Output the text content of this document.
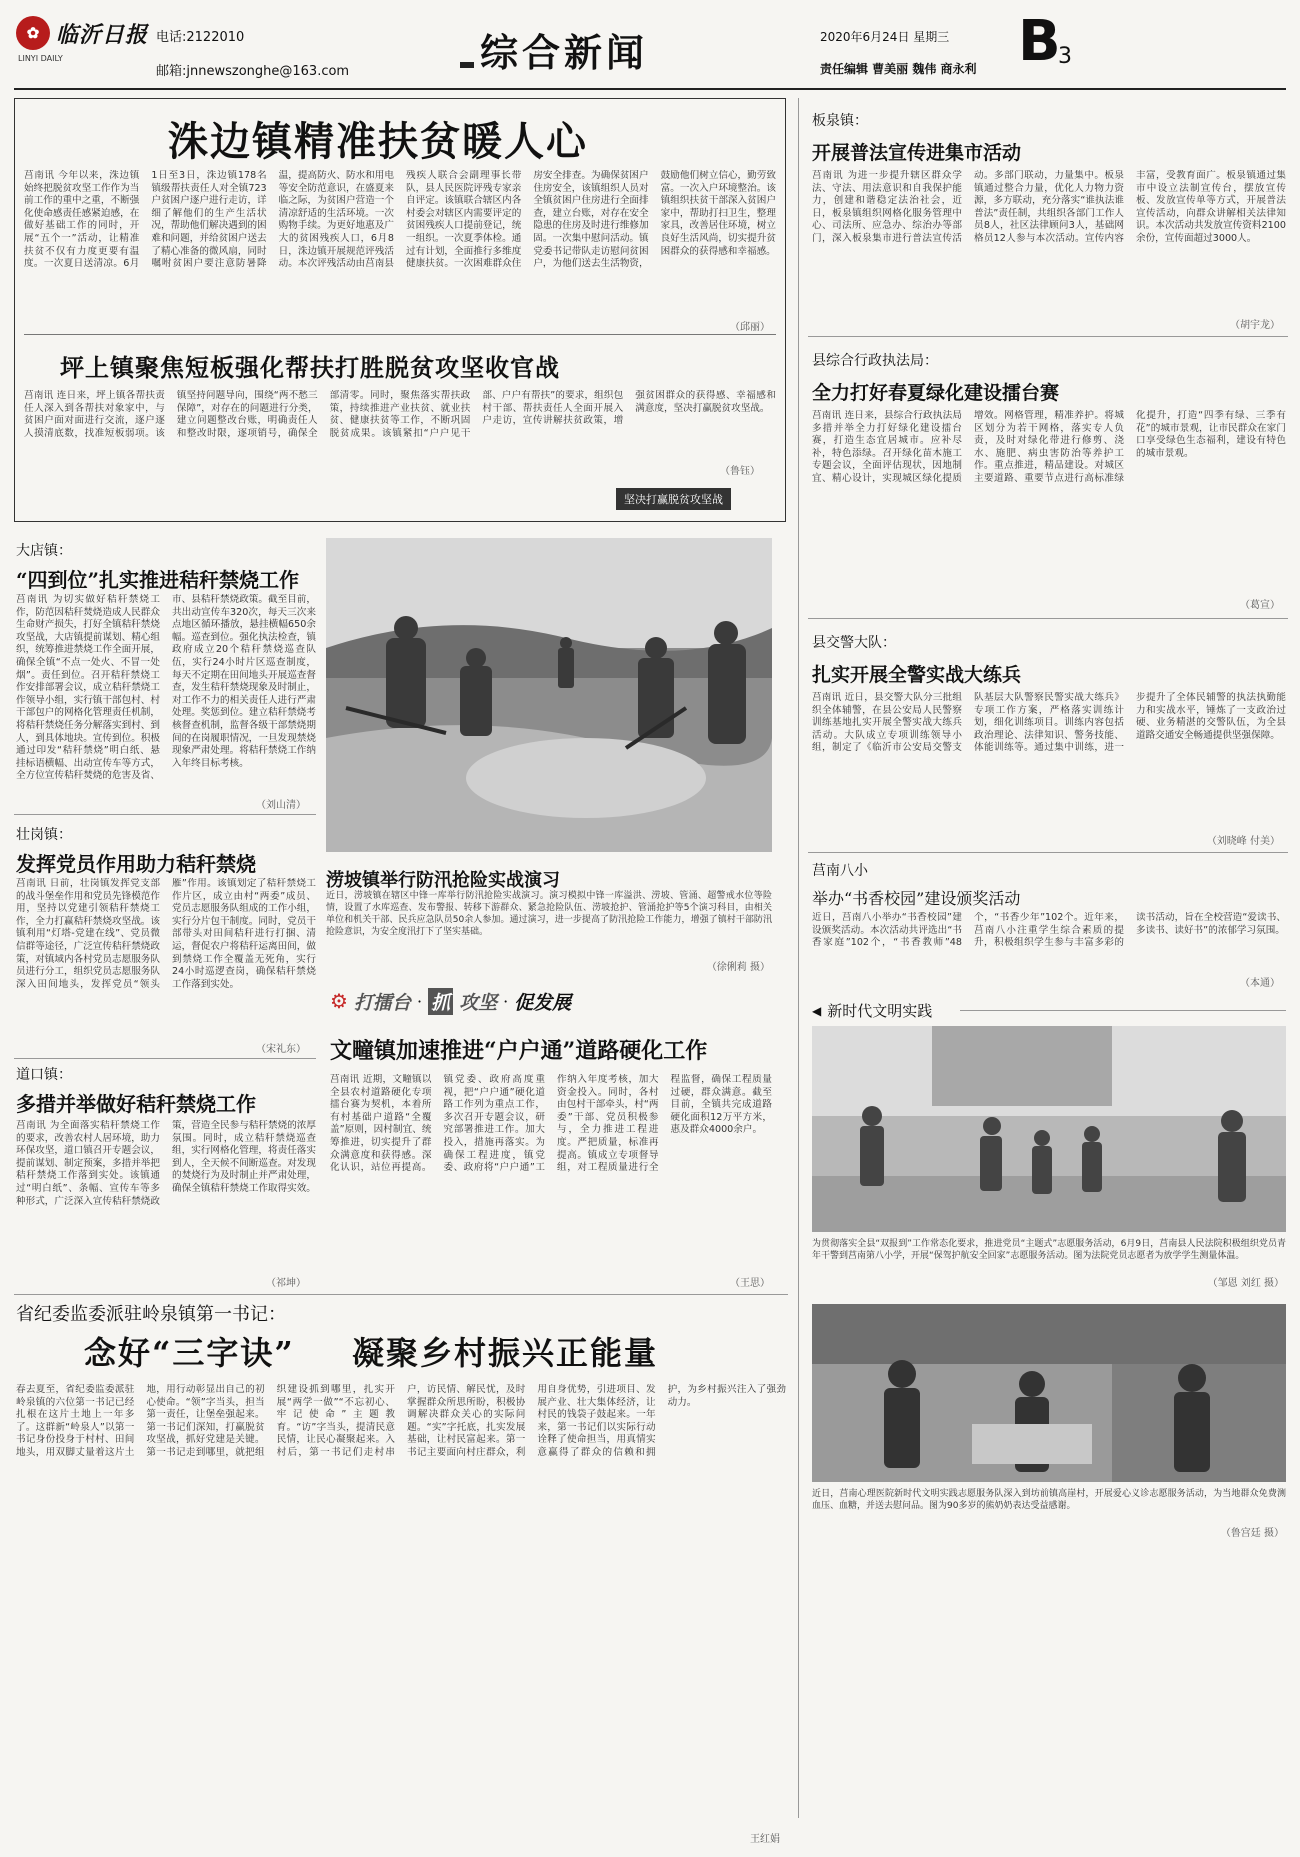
✿ 临沂日报
LINYI DAILY
电话:2122010
邮箱:jnnewszonghe@163.com	综合新闻	2020年6月24日 星期三
责任编辑 曹美丽 魏伟 商永利 B
3
洙边镇精准扶贫暖人心
莒南讯 今年以来，洙边镇始终把脱贫攻坚工作作为当前工作的重中之重，不断强化使命感责任感紧迫感，在做好基础工作的同时，开展“五个一”活动，让精准扶贫不仅有力度更要有温度。一次夏日送清凉。6月1日至3日，洙边镇178名镇级帮扶责任人对全镇723户贫困户逐户进行走访，详细了解他们的生产生活状况，帮助他们解决遇到的困难和问题，并给贫困户送去了精心准备的微风扇，同时嘱咐贫困户要注意防暑降温，提高防火、防水和用电等安全防范意识，在盛夏来临之际，为贫困户营造一个清凉舒适的生活环境。一次购物手续。为更好地惠及广大的贫困残疾人口，6月8日，洙边镇开展规范评残活动。本次评残活动由莒南县残疾人联合会副理事长带队，县人民医院评残专家亲自评定。该镇联合辖区内各村委会对辖区内需要评定的贫困残疾人口提前登记，统一组织。一次夏季体检。通过有计划，全面推行多维度健康扶贫。一次困难群众住房安全排查。为确保贫困户住房安全，该镇组织人员对全镇贫困户住房进行全面排查，建立台账，对存在安全隐患的住房及时进行维修加固。一次集中慰问活动。镇党委书记带队走访慰问贫困户，为他们送去生活物资，鼓励他们树立信心，勤劳致富。一次入户环境整治。该镇组织扶贫干部深入贫困户家中，帮助打扫卫生，整理家具，改善居住环境，树立良好生活风尚，切实提升贫困群众的获得感和幸福感。
（邱丽）
坪上镇聚焦短板强化帮扶打胜脱贫攻坚收官战
莒南讯 连日来，坪上镇各帮扶责任人深入到各帮扶对象家中，与贫困户面对面进行交流，逐户逐人摸清底数，找准短板弱项。该镇坚持问题导向，围绕“两不愁三保障”，对存在的问题进行分类，建立问题整改台账，明确责任人和整改时限，逐项销号，确保全部清零。同时，聚焦落实帮扶政策，持续推进产业扶贫、就业扶贫、健康扶贫等工作，不断巩固脱贫成果。该镇紧扣“户户见干部、户户有帮扶”的要求，组织包村干部、帮扶责任人全面开展入户走访，宣传讲解扶贫政策，增强贫困群众的获得感、幸福感和满意度，坚决打赢脱贫攻坚战。
坚决打赢脱贫攻坚战
（鲁钰）
大店镇：
“四到位”扎实推进秸秆禁烧工作
莒南讯 为切实做好秸秆禁烧工作，防范因秸秆焚烧造成人民群众生命财产损失，打好全镇秸秆禁烧攻坚战，大店镇提前谋划、精心组织，统筹推进禁烧工作全面开展，确保全镇“不点一处火、不冒一处烟”。责任到位。召开秸秆禁烧工作安排部署会议，成立秸秆禁烧工作领导小组，实行镇干部包村、村干部包户的网格化管理责任机制，将秸秆禁烧任务分解落实到村、到人，到具体地块。宣传到位。积极通过印发“秸秆禁烧”明白纸、悬挂标语横幅、出动宣传车等方式，全方位宣传秸秆焚烧的危害及省、市、县秸秆禁烧政策。截至目前，共出动宣传车320次，每天三次来点地区循环播放，悬挂横幅650余幅。巡查到位。强化执法检查，镇政府成立20个秸秆禁烧巡查队伍，实行24小时片区巡查制度，每天不定期在田间地头开展巡查督查，发生秸秆禁烧现象及时制止，对工作不力的相关责任人进行严肃处理。奖惩到位。建立秸秆禁烧考核督查机制，监督各级干部禁烧期间的在岗履职情况，一旦发现禁烧现象严肃处理。将秸秆禁烧工作纳入年终目标考核。
（刘山清）
壮岗镇：
发挥党员作用助力秸秆禁烧
莒南讯 日前，壮岗镇发挥党支部的战斗堡垒作用和党员先锋模范作用，坚持以党建引领秸秆禁烧工作，全力打赢秸秆禁烧攻坚战。该镇利用“灯塔-党建在线”、党员微信群等途径，广泛宣传秸秆禁烧政策，对镇域内各村党员志愿服务队员进行分工，组织党员志愿服务队深入田间地头，发挥党员“领头雁”作用。该镇划定了秸秆禁烧工作片区，成立由村“两委”成员、党员志愿服务队组成的工作小组，实行分片包干制度。同时，党员干部带头对田间秸秆进行打捆、清运，督促农户将秸秆运离田间，做到禁烧工作全覆盖无死角，实行24小时巡逻查岗，确保秸秆禁烧工作落到实处。
（宋礼东）
道口镇：
多措并举做好秸秆禁烧工作
莒南讯 为全面落实秸秆禁烧工作的要求，改善农村人居环境，助力环保攻坚，道口镇召开专题会议，提前谋划、制定预案，多措并举把秸秆禁烧工作落到实处。该镇通过“明白纸”、条幅、宣传车等多种形式，广泛深入宣传秸秆禁烧政策，营造全民参与秸秆禁烧的浓厚氛围。同时，成立秸秆禁烧巡查组，实行网格化管理，将责任落实到人，全天候不间断巡查。对发现的焚烧行为及时制止并严肃处理，确保全镇秸秆禁烧工作取得实效。
（祁坤）
涝坡镇举行防汛抢险实战演习
近日，涝坡镇在辖区中锋一库举行防汛抢险实战演习。演习模拟中锋一库溢洪、涝坡、管涌、超警戒水位等险情，设置了水库巡查、发布警报、转移下游群众、紧急抢险队伍、涝坡抢护、管涌抢护等5个演习科目，由相关单位和机关干部、民兵应急队员50余人参加。通过演习，进一步提高了防汛抢险工作能力，增强了镇村干部防汛抢险意识，为安全度汛打下了坚实基础。
（徐俐莉 摄）
⚙ 打擂台 · 抓 攻坚 · 促发展
文疃镇加速推进“户户通”道路硬化工作
莒南讯 近期，文疃镇以全县农村道路硬化专项擂台赛为契机，本着所有村基础户道路“全覆盖”原则，因村制宜、统筹推进，切实提升了群众满意度和获得感。深化认识，站位再提高。镇党委、政府高度重视，把“户户通”硬化道路工作列为重点工作，多次召开专题会议，研究部署推进工作。加大投入，措施再落实。为确保工程进度，镇党委、政府将“户户通”工作纳入年度考核，加大资金投入。同时，各村由包村干部牵头，村“两委”干部、党员积极参与，全力推进工程进度。严把质量，标准再提高。镇成立专项督导组，对工程质量进行全程监督，确保工程质量过硬，群众满意。截至目前，全镇共完成道路硬化面积12万平方米，惠及群众4000余户。
（王思）
板泉镇：
开展普法宣传进集市活动
莒南讯 为进一步提升辖区群众学法、守法、用法意识和自我保护能力，创建和谐稳定法治社会，近日，板泉镇组织网格化服务管理中心、司法所、应急办、综治办等部门，深入板泉集市进行普法宣传活动。多部门联动，力量集中。板泉镇通过整合力量，优化人力物力资源，多方联动，充分落实“谁执法谁普法”责任制，共组织各部门工作人员8人，社区法律顾问3人，基础网格员12人参与本次活动。宣传内容丰富，受教育面广。板泉镇通过集市中设立法制宣传台，摆放宣传板、发放宣传单等方式，开展普法宣传活动，向群众讲解相关法律知识。本次活动共发放宣传资料2100余份，宣传面超过3000人。
（胡宇龙）
县综合行政执法局：
全力打好春夏绿化建设擂台赛
莒南讯 连日来，县综合行政执法局多措并举全力打好绿化建设擂台赛，打造生态宜居城市。应补尽补，特色添绿。召开绿化苗木施工专题会议，全面评估现状，因地制宜、精心设计，实现城区绿化提质增效。网格管理，精准养护。将城区划分为若干网格，落实专人负责，及时对绿化带进行修剪、浇水、施肥、病虫害防治等养护工作。重点推进，精品建设。对城区主要道路、重要节点进行高标准绿化提升，打造“四季有绿、三季有花”的城市景观，让市民群众在家门口享受绿色生态福利，建设有特色的城市景观。
（葛宣）
县交警大队：
扎实开展全警实战大练兵
莒南讯 近日，县交警大队分三批组织全体辅警，在县公安局人民警察训练基地扎实开展全警实战大练兵活动。大队成立专项训练领导小组，制定了《临沂市公安局交警支队基层大队警察民警实战大练兵》专项工作方案，严格落实训练计划，细化训练项目。训练内容包括政治理论、法律知识、警务技能、体能训练等。通过集中训练，进一步提升了全体民辅警的执法执勤能力和实战水平，锤炼了一支政治过硬、业务精湛的交警队伍，为全县道路交通安全畅通提供坚强保障。
（刘晓峰 付美）
莒南八小
举办“书香校园”建设颁奖活动
近日，莒南八小举办“书香校园”建设颁奖活动。本次活动共评选出“书香家庭”102个，“书香教师”48个，“书香少年”102个。近年来，莒南八小注重学生综合素质的提升，积极组织学生参与丰富多彩的读书活动，旨在全校营造“爱读书、多读书、读好书”的浓郁学习氛围。
（本通）
◀ 新时代文明实践
为贯彻落实全县“双报到”工作常态化要求，推进党员“主题式”志愿服务活动，6月9日，莒南县人民法院积极组织党员青年干警到莒南第八小学，开展“保驾护航安全回家”志愿服务活动。图为法院党员志愿者为放学学生测量体温。
（邹恩 刘红 摄）
近日，莒南心理医院新时代文明实践志愿服务队深入到坊前镇高崖村，开展爱心义诊志愿服务活动，为当地群众免费测血压、血糖，并送去慰问品。图为90多岁的熊奶奶表达受益感谢。
（鲁宫廷 摄）
省纪委监委派驻岭泉镇第一书记：
念好“三字诀” 凝聚乡村振兴正能量
春去夏至，省纪委监委派驻岭泉镇的六位第一书记已经扎根在这片土地上一年多了。这群新“岭泉人”以第一书记身份投身于村村、田间地头，用双脚丈量着这片土地，用行动彰显出自己的初心使命。“领”字当头，担当第一责任，让堡垒强起来。第一书记们深知，打赢脱贫攻坚战，抓好党建是关键。第一书记走到哪里，就把组织建设抓到哪里，扎实开展“两学一做”“不忘初心、牢记使命”主题教育。“访”字当头，提清民意民情，让民心凝聚起来。入村后，第一书记们走村串户，访民情、解民忧，及时掌握群众所思所盼，积极协调解决群众关心的实际问题。“实”字托底，扎实发展基础，让村民富起来。第一书记主要面向村庄群众，利用自身优势，引进项目、发展产业、壮大集体经济，让村民的钱袋子鼓起来。一年来，第一书记们以实际行动诠释了使命担当，用真情实意赢得了群众的信赖和拥护，为乡村振兴注入了强劲动力。
王红娟
